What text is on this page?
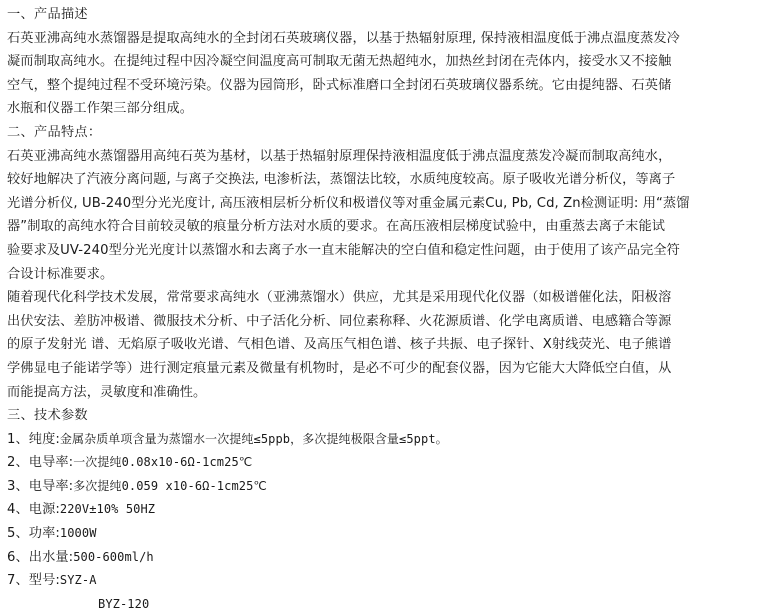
一、产品描述
石英亚沸高纯水蒸馏器是提取高纯水的全封闭石英玻璃仪器，以基于热辐射原理, 保持液相温度低于沸点温度蒸发冷
凝而制取高纯水。在提纯过程中因冷凝空间温度高可制取无菌无热超纯水，加热丝封闭在壳体内，接受水又不接触
空气，整个提纯过程不受环境污染。仪器为园筒形，卧式标准磨口全封闭石英玻璃仪器系统。它由提纯器、石英储
水瓶和仪器工作架三部分组成。
二、产品特点：
石英亚沸高纯水蒸馏器用高纯石英为基材，以基于热辐射原理保持液相温度低于沸点温度蒸发冷凝而制取高纯水，
较好地解决了汽液分离问题, 与离子交换法, 电渗析法，蒸馏法比较，水质纯度较高。原子吸收光谱分析仪，等离子
光谱分析仪, UB-240型分光光度计, 高压液相层析分析仪和极谱仪等对重金属元素Cu, Pb, Cd, Zn检测证明: 用“蒸馏
器”制取的高纯水符合目前较灵敏的痕量分析方法对水质的要求。在高压液相层梯度试验中，由重蒸去离子末能试
验要求及UV-240型分光光度计以蒸馏水和去离子水一直末能解决的空白值和稳定性问题，由于使用了该产品完全符
合设计标准要求。
随着现代化科学技术发展，常常要求高纯水（亚沸蒸馏水）供应，尤其是采用现代化仪器（如极谱催化法，阳极溶
出伏安法、差肪冲极谱、微服技术分析、中子活化分析、同位素称释、火花源质谱、化学电离质谱、电感籍合等源
的原子发射光 谱、无焰原子吸收光谱、气相色谱、及高压气相色谱、核子共振、电子探针、X射线荧光、电子熊谱
学佛显电子能诺学等）进行测定痕量元素及微量有机物时，是必不可少的配套仪器，因为它能大大降低空白值，从
而能提高方法，灵敏度和准确性。
三、技术参数
1、纯度:金属杂质单项含量为蒸馏水一次提纯≤5ppb，多次提纯极限含量≤5ppt。
2、电导率:一次提纯0.08x10-6Ω-1cm25℃
3、电导率:多次提纯0.059 x10-6Ω-1cm25℃
4、电源:220V±10% 50HZ
5、功率:1000W
6、出水量:500-600ml/h
7、型号:SYZ-A
BYZ-120
